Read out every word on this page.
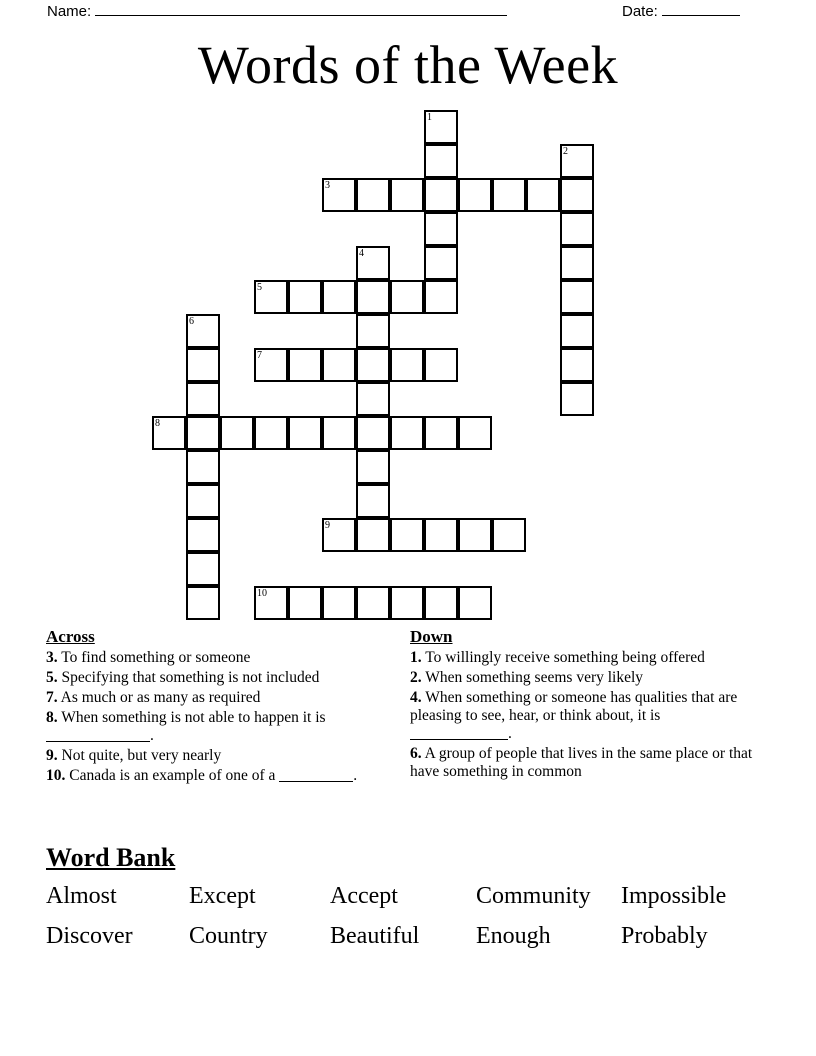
Name:	Date:
Words of the Week
1
2
3
4
5
6
7
8
9
10
Across

3. To find something or someone

5. Specifying that something is not included

7. As much or as many as required

8. When something is not able to happen it is .

9. Not quite, but very nearly

10. Canada is an example of one of a	.

Down

1. To willingly receive something being offered

2. When something seems very likely

4. When something or someone has qualities that are pleasing to see, hear, or think about, it is .

6. A group of people that lives in the same place or that have something in common

Word Bank
Almost	Except	Accept	Community	Impossible
Discover	Country	Beautiful	Enough	Probably
